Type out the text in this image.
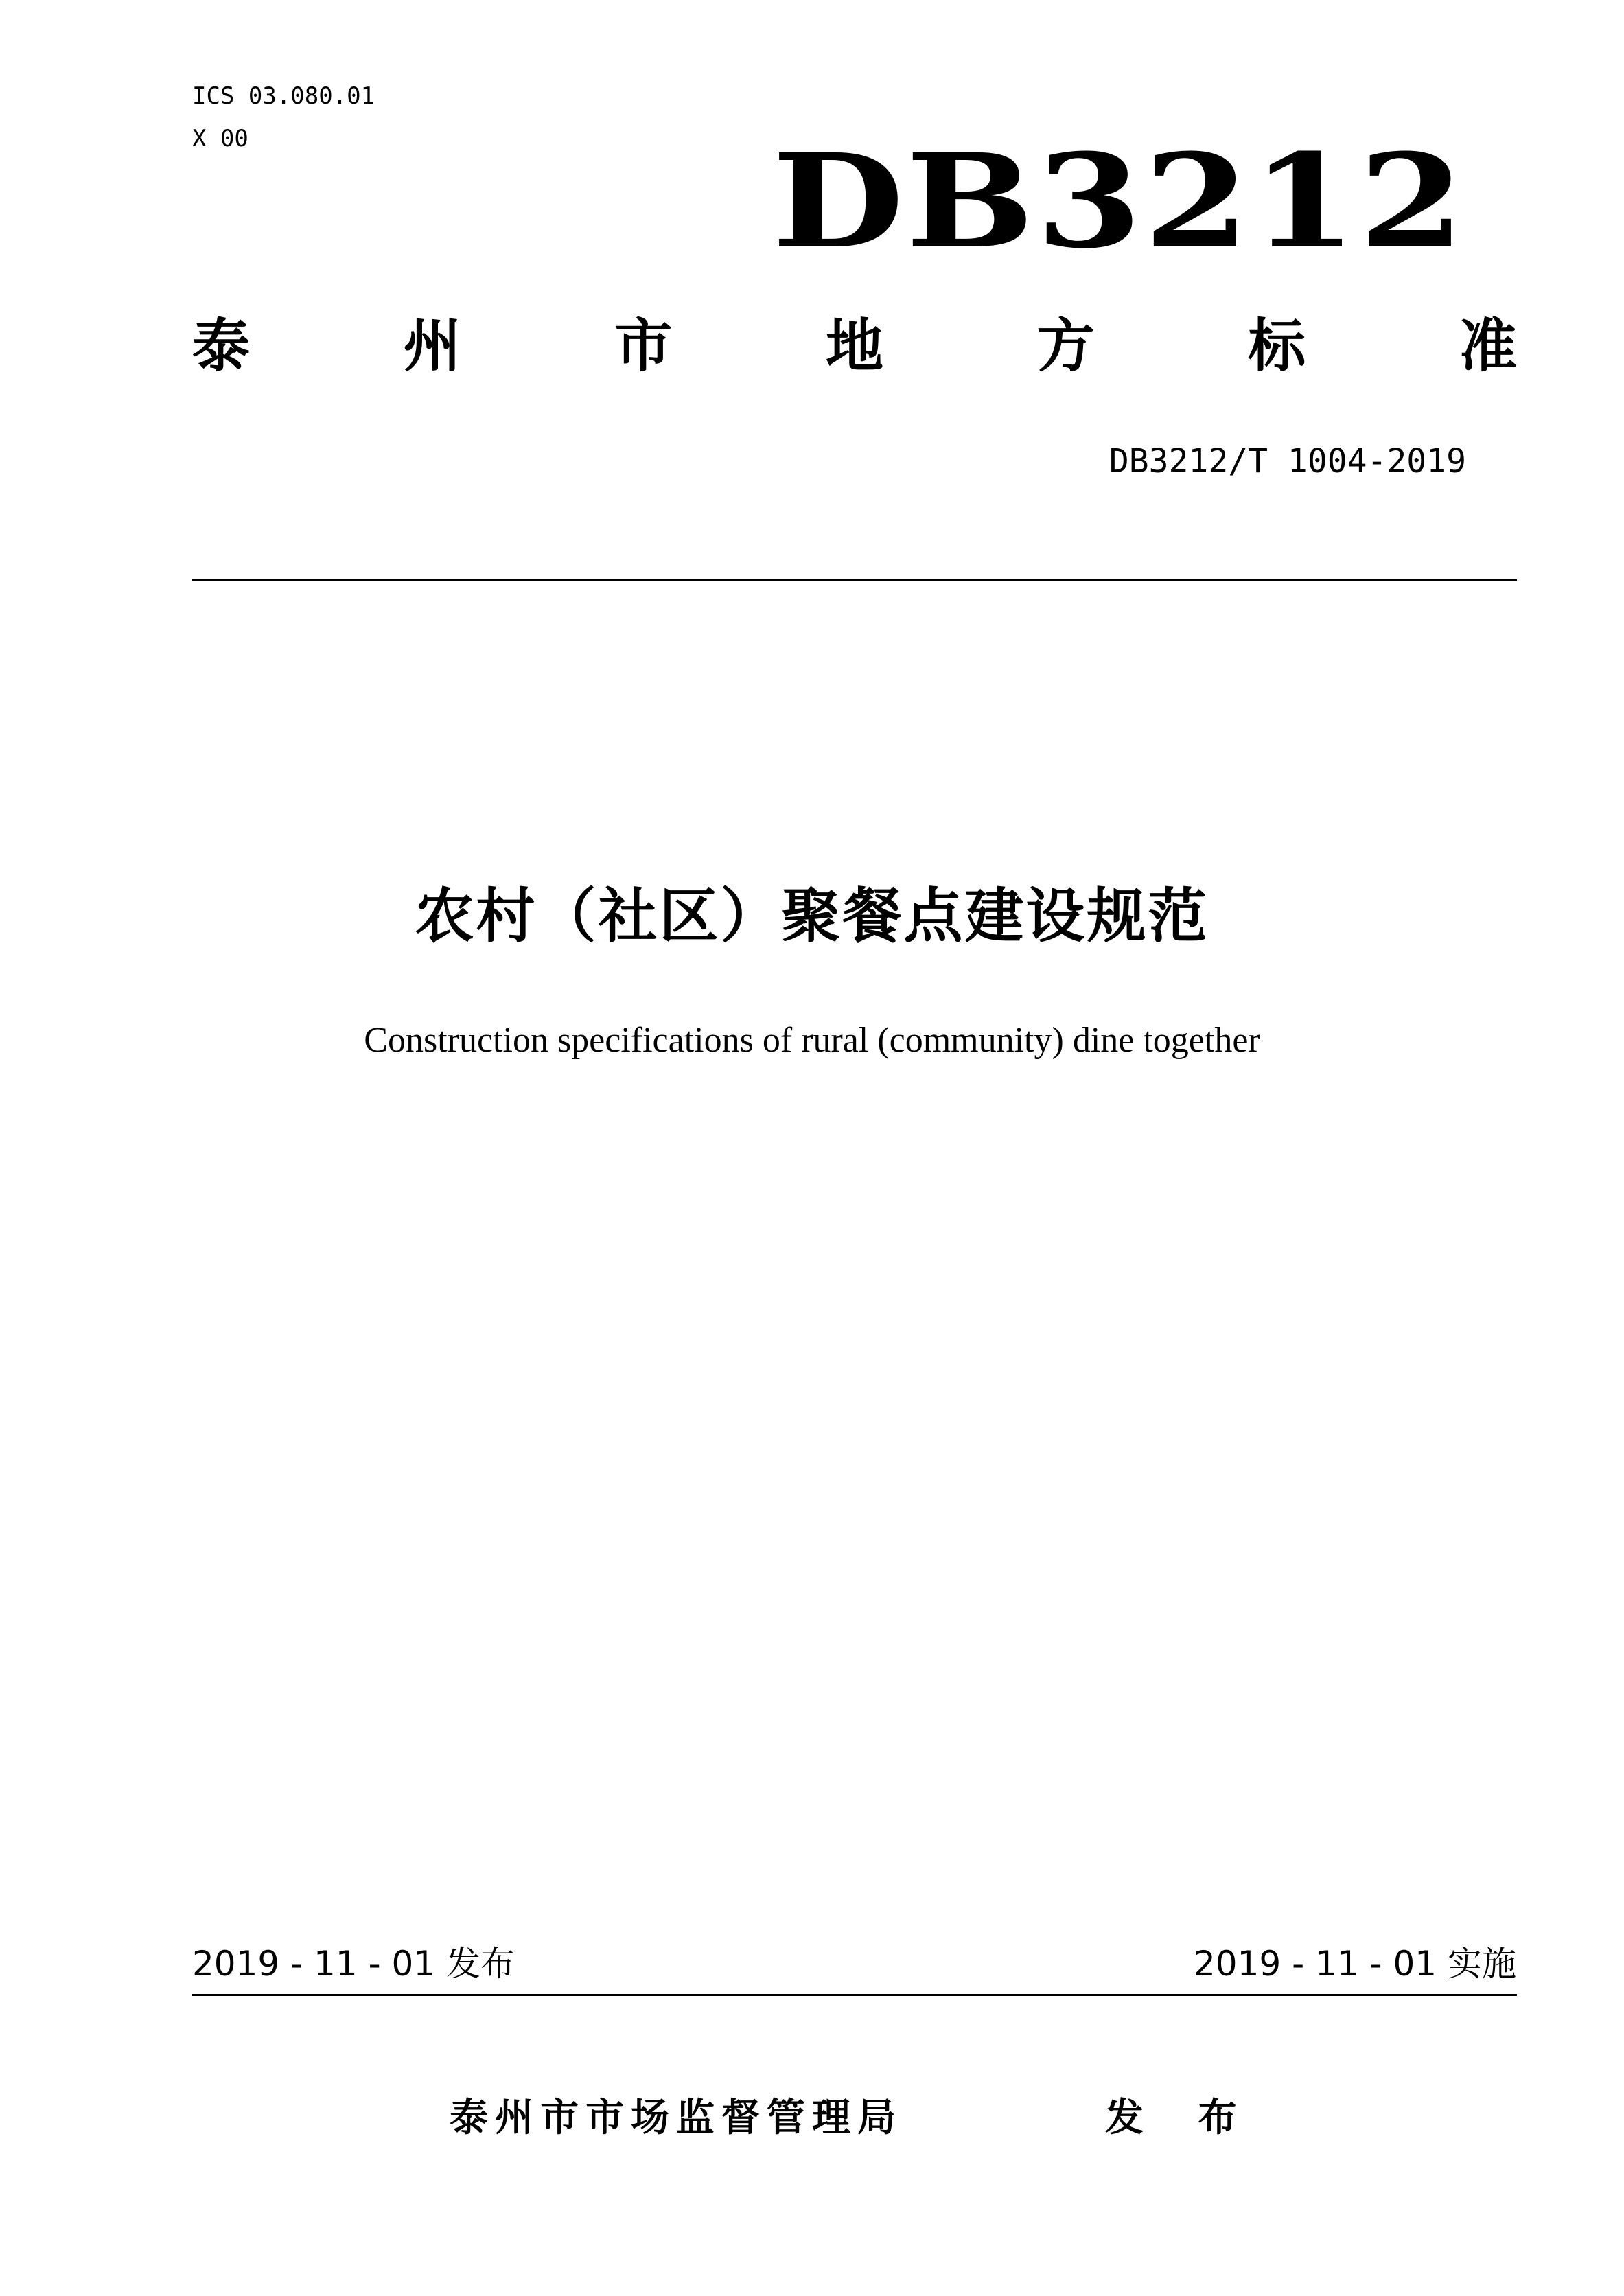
ICS 03.080.01
X 00	DB3212
泰	州	市	地	方	标	准
DB3212/T 1004-2019
农村（社区）聚餐点建设规范
Construction specifications of rural (community) dine together
2019 - 11 - 01 发布	2019 - 11 - 01 实施
泰州市市场监督管理局	发 布
